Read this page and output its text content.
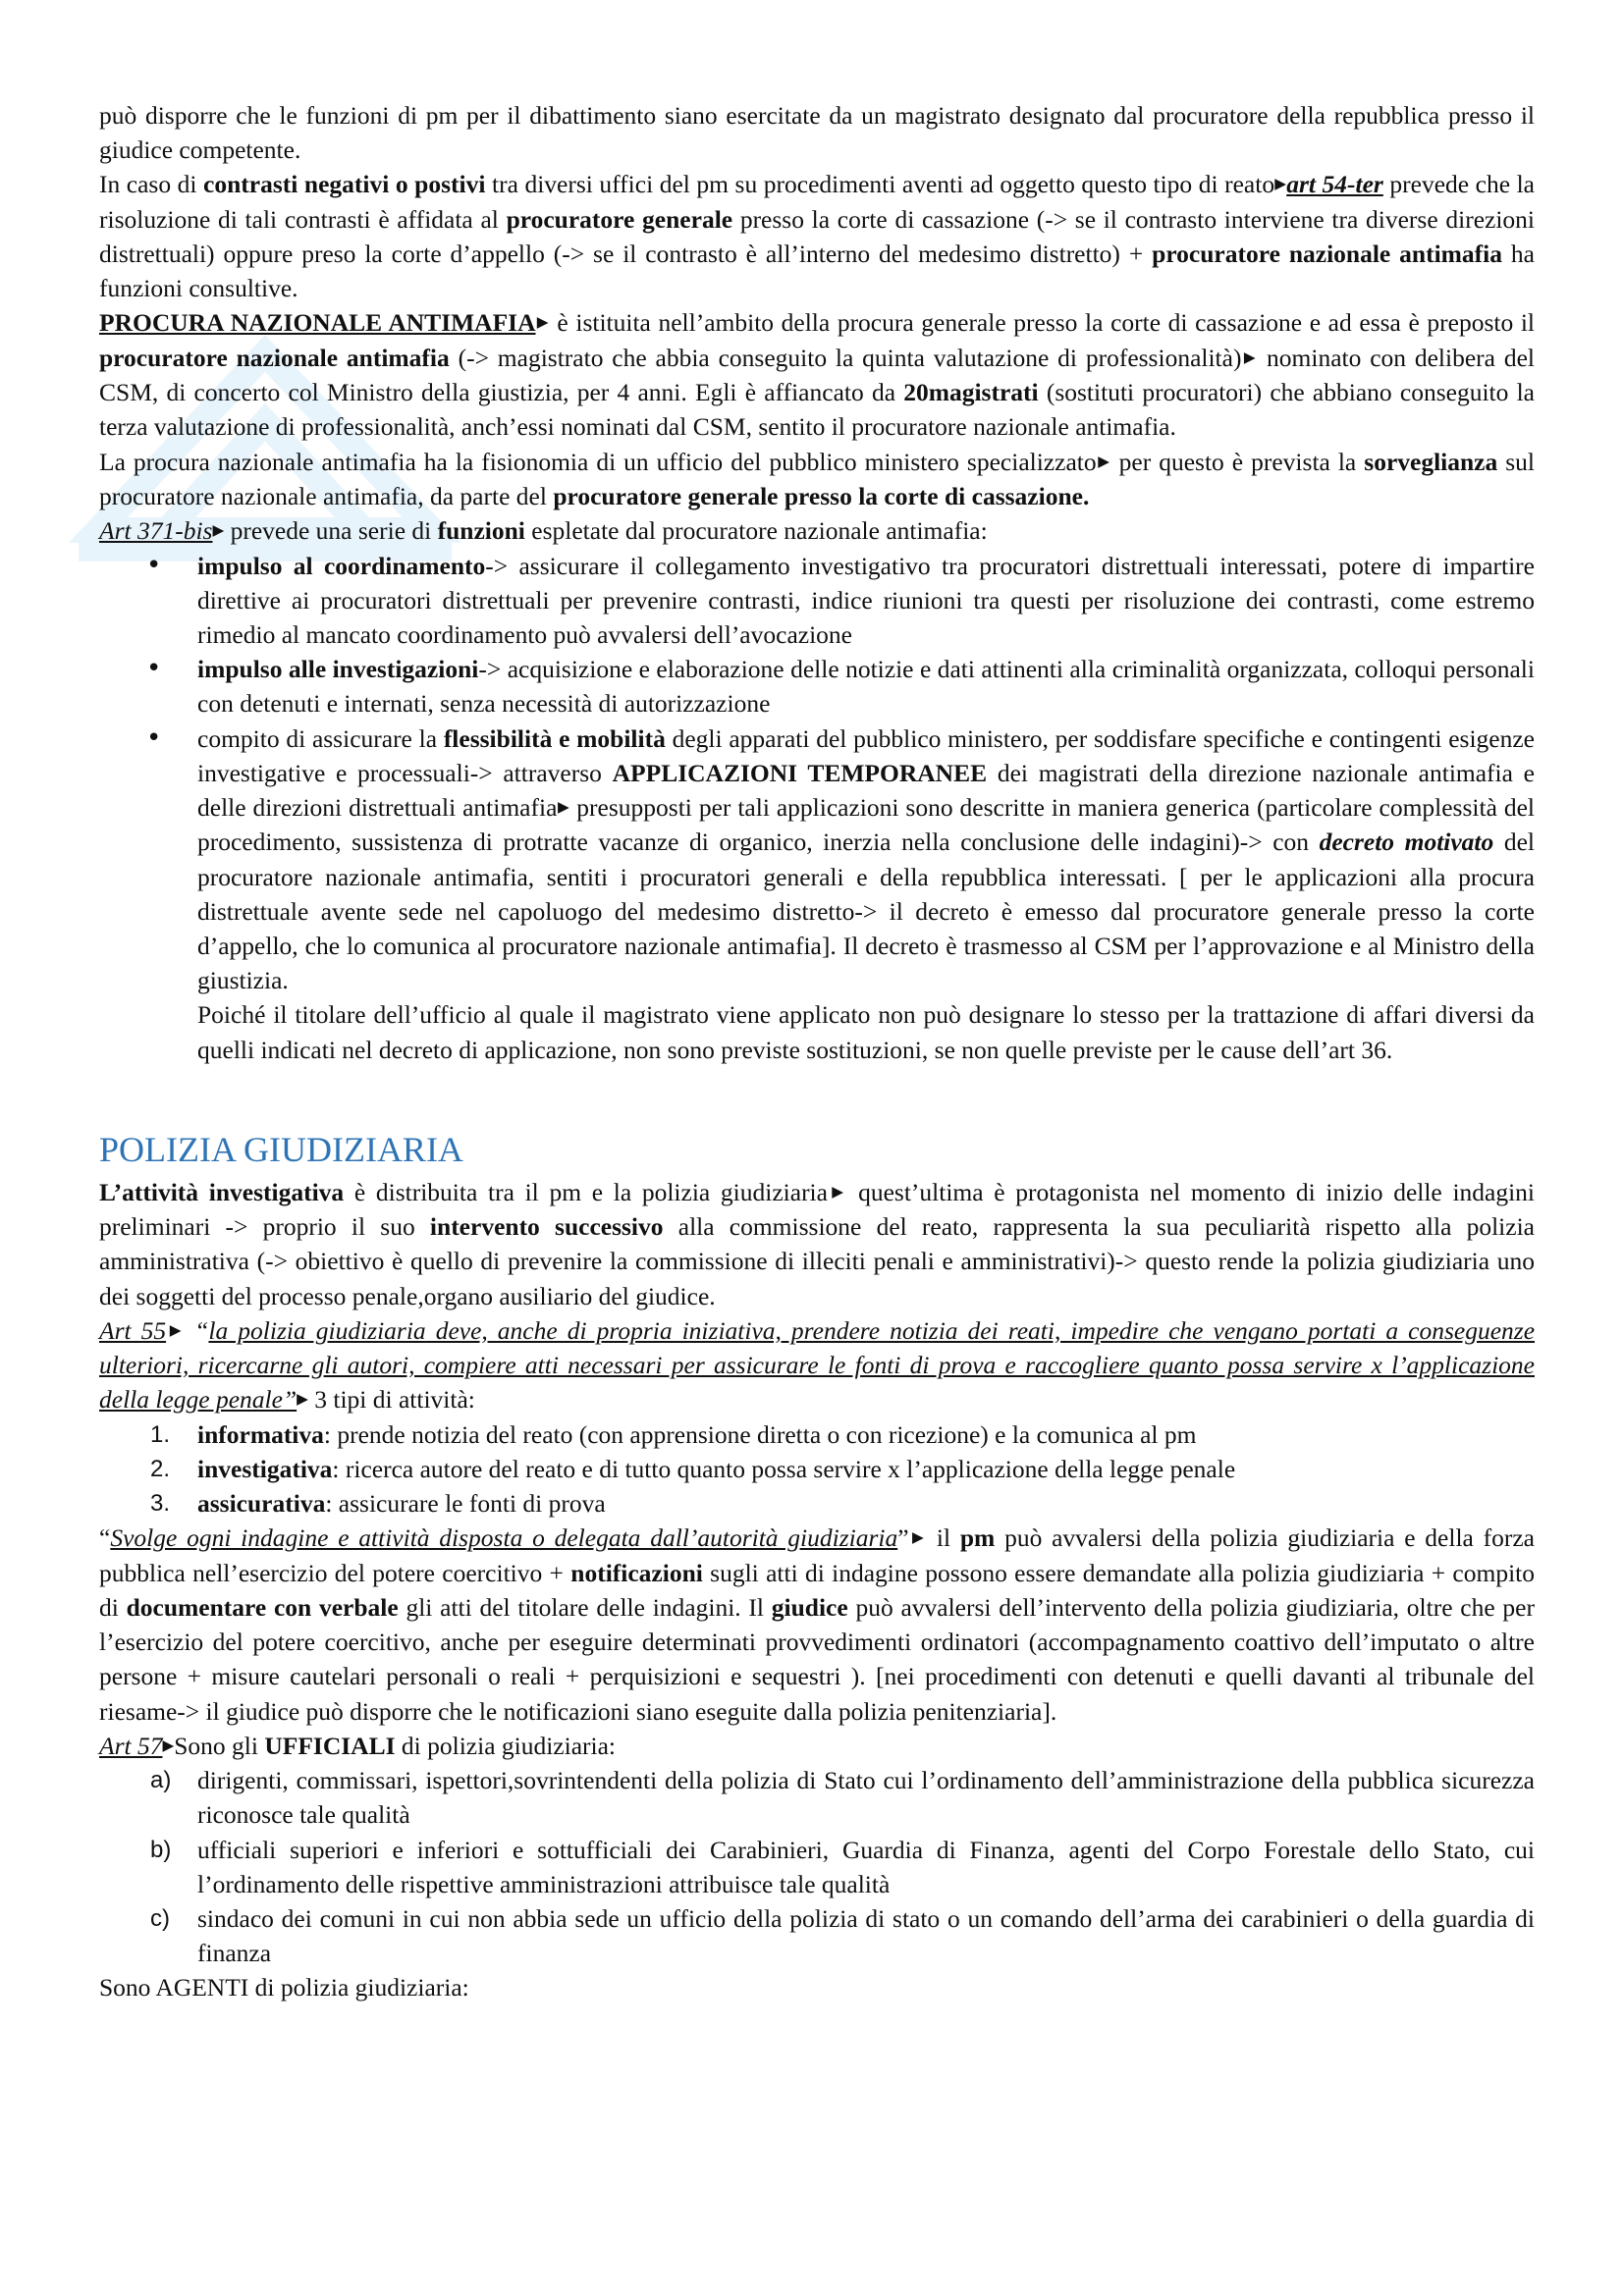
può disporre che le funzioni di pm per il dibattimento siano esercitate da un magistrato designato dal procuratore della repubblica presso il giudice competente.

In caso di contrasti negativi o postivi tra diversi uffici del pm su procedimenti aventi ad oggetto questo tipo di reato▶art 54-ter prevede che la risoluzione di tali contrasti è affidata al procuratore generale presso la corte di cassazione (-> se il contrasto interviene tra diverse direzioni distrettuali) oppure preso la corte d’appello (-> se il contrasto è all’interno del medesimo distretto) + procuratore nazionale antimafia ha funzioni consultive.

PROCURA NAZIONALE ANTIMAFIA▶ è istituita nell’ambito della procura generale presso la corte di cassazione e ad essa è preposto il procuratore nazionale antimafia (-> magistrato che abbia conseguito la quinta valutazione di professionalità)▶ nominato con delibera del CSM, di concerto col Ministro della giustizia, per 4 anni. Egli è affiancato da 20magistrati (sostituti procuratori) che abbiano conseguito la terza valutazione di professionalità, anch’essi nominati dal CSM, sentito il procuratore nazionale antimafia.

La procura nazionale antimafia ha la fisionomia di un ufficio del pubblico ministero specializzato▶ per questo è prevista la sorveglianza sul procuratore nazionale antimafia, da parte del procuratore generale presso la corte di cassazione.

Art 371-bis▶ prevede una serie di funzioni espletate dal procuratore nazionale antimafia:

• impulso al coordinamento-> assicurare il collegamento investigativo tra procuratori distrettuali interessati, potere di impartire direttive ai procuratori distrettuali per prevenire contrasti, indice riunioni tra questi per risoluzione dei contrasti, come estremo rimedio al mancato coordinamento può avvalersi dell’avocazione
• impulso alle investigazioni-> acquisizione e elaborazione delle notizie e dati attinenti alla criminalità organizzata, colloqui personali con detenuti e internati, senza necessità di autorizzazione
• compito di assicurare la flessibilità e mobilità degli apparati del pubblico ministero, per soddisfare specifiche e contingenti esigenze investigative e processuali-> attraverso APPLICAZIONI TEMPORANEE dei magistrati della direzione nazionale antimafia e delle direzioni distrettuali antimafia▶ presupposti per tali applicazioni sono descritte in maniera generica (particolare complessità del procedimento, sussistenza di protratte vacanze di organico, inerzia nella conclusione delle indagini)-> con decreto motivato del procuratore nazionale antimafia, sentiti i procuratori generali e della repubblica interessati. [ per le applicazioni alla procura distrettuale avente sede nel capoluogo del medesimo distretto-> il decreto è emesso dal procuratore generale presso la corte d’appello, che lo comunica al procuratore nazionale antimafia]. Il decreto è trasmesso al CSM per l’approvazione e al Ministro della giustizia.

Poiché il titolare dell’ufficio al quale il magistrato viene applicato non può designare lo stesso per la trattazione di affari diversi da quelli indicati nel decreto di applicazione, non sono previste sostituzioni, se non quelle previste per le cause dell’art 36.

POLIZIA GIUDIZIARIA

L’attività investigativa è distribuita tra il pm e la polizia giudiziaria▶ quest’ultima è protagonista nel momento di inizio delle indagini preliminari -> proprio il suo intervento successivo alla commissione del reato, rappresenta la sua peculiarità rispetto alla polizia amministrativa (-> obiettivo è quello di prevenire la commissione di illeciti penali e amministrativi)-> questo rende la polizia giudiziaria uno dei soggetti del processo penale,organo ausiliario del giudice.

Art 55▶ “la polizia giudiziaria deve, anche di propria iniziativa, prendere notizia dei reati, impedire che vengano portati a conseguenze ulteriori, ricercarne gli autori, compiere atti necessari per assicurare le fonti di prova e raccogliere quanto possa servire x l’applicazione della legge penale”▶ 3 tipi di attività:

1. informativa: prende notizia del reato (con apprensione diretta o con ricezione) e la comunica al pm
2. investigativa: ricerca autore del reato e di tutto quanto possa servire x l’applicazione della legge penale
3. assicurativa: assicurare le fonti di prova

“Svolge ogni indagine e attività disposta o delegata dall’autorità giudiziaria”▶ il pm può avvalersi della polizia giudiziaria e della forza pubblica nell’esercizio del potere coercitivo + notificazioni sugli atti di indagine possono essere demandate alla polizia giudiziaria + compito di documentare con verbale gli atti del titolare delle indagini. Il giudice può avvalersi dell’intervento della polizia giudiziaria, oltre che per l’esercizio del potere coercitivo, anche per eseguire determinati provvedimenti ordinatori (accompagnamento coattivo dell’imputato o altre persone + misure cautelari personali o reali + perquisizioni e sequestri ). [nei procedimenti con detenuti e quelli davanti al tribunale del riesame-> il giudice può disporre che le notificazioni siano eseguite dalla polizia penitenziaria].

Art 57▶Sono gli UFFICIALI di polizia giudiziaria:

a) dirigenti, commissari, ispettori,sovrintendenti della polizia di Stato cui l’ordinamento dell’amministrazione della pubblica sicurezza riconosce tale qualità
b) ufficiali superiori e inferiori e sottufficiali dei Carabinieri, Guardia di Finanza, agenti del Corpo Forestale dello Stato, cui l’ordinamento delle rispettive amministrazioni attribuisce tale qualità
c) sindaco dei comuni in cui non abbia sede un ufficio della polizia di stato o un comando dell’arma dei carabinieri o della guardia di finanza

Sono AGENTI di polizia giudiziaria:
